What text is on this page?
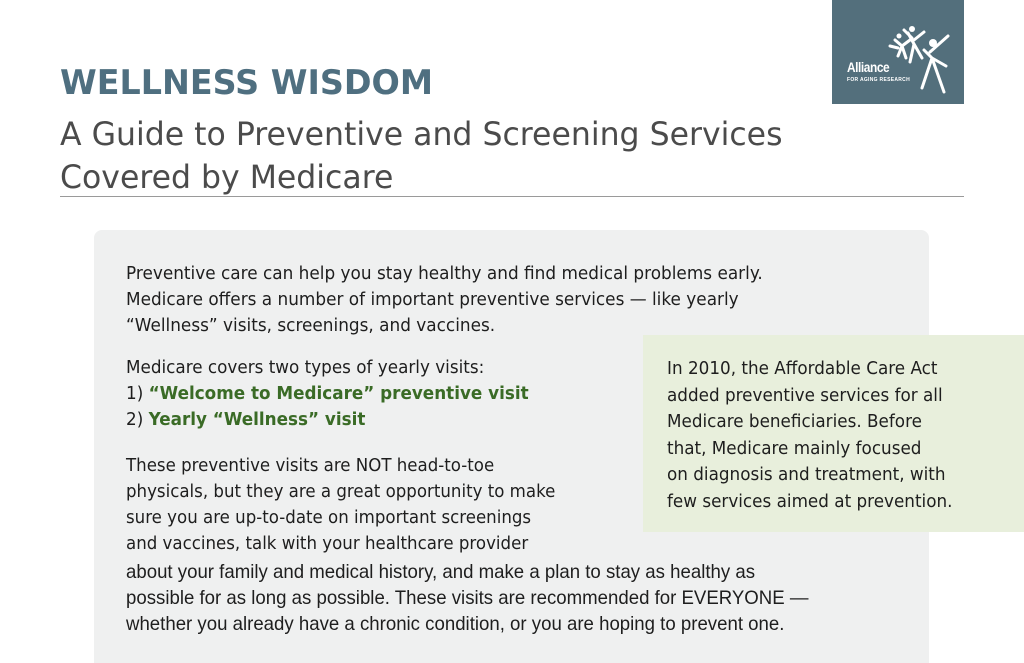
Alliance
FOR AGING RESEARCH
WELLNESS WISDOM
A Guide to Preventive and Screening Services
Covered by Medicare
Preventive care can help you stay healthy and find medical problems early.
Medicare offers a number of important preventive services — like yearly
“Wellness” visits, screenings, and vaccines.
Medicare covers two types of yearly visits:
1) “Welcome to Medicare” preventive visit
2) Yearly “Wellness” visit
These preventive visits are NOT head-to-toe
physicals, but they are a great opportunity to make
sure you are up-to-date on important screenings
and vaccines, talk with your healthcare provider
about your family and medical history, and make a plan to stay as healthy as
possible for as long as possible. These visits are recommended for EVERYONE —
whether you already have a chronic condition, or you are hoping to prevent one.
In 2010, the Affordable Care Act
added preventive services for all
Medicare beneficiaries. Before
that, Medicare mainly focused
on diagnosis and treatment, with
few services aimed at prevention.
